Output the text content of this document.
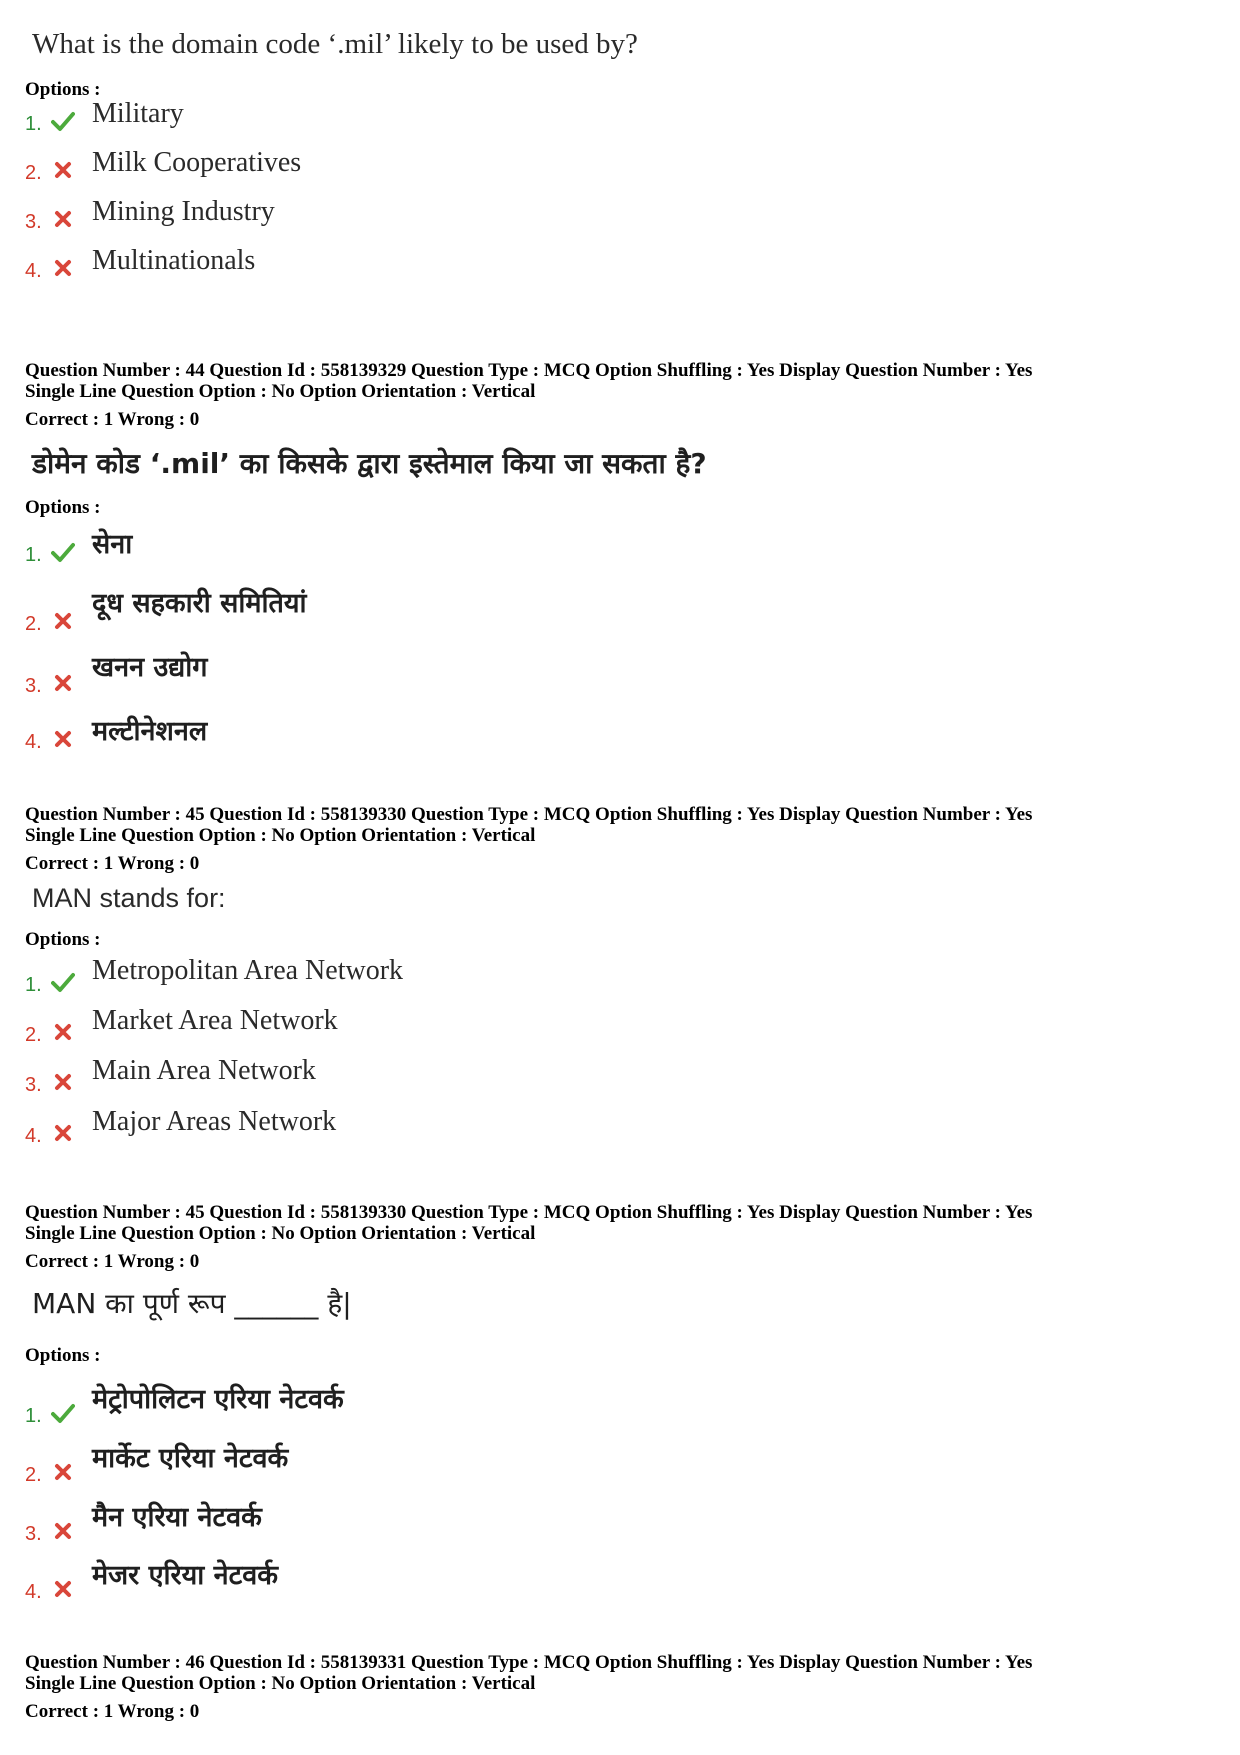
What is the domain code ‘.mil’ likely to be used by?
Options :
1. Military
2. Milk Cooperatives
3. Mining Industry
4. Multinationals
Question Number : 44 Question Id : 558139329 Question Type : MCQ Option Shuffling : Yes Display Question Number : Yes
Single Line Question Option : No Option Orientation : Vertical
Correct : 1 Wrong : 0
डोमेन कोड ‘.mil’ का किसके द्वारा इस्तेमाल किया जा सकता है?
Options :
1. सेना
2.
दूध सहकारी समितियां
3.
खनन उद्योग
4. मल्टीनेशनल
Question Number : 45 Question Id : 558139330 Question Type : MCQ Option Shuffling : Yes Display Question Number : Yes
Single Line Question Option : No Option Orientation : Vertical
Correct : 1 Wrong : 0
MAN stands for:
Options :
1. Metropolitan Area Network
2. Market Area Network
3. Main Area Network
4. Major Areas Network
Question Number : 45 Question Id : 558139330 Question Type : MCQ Option Shuffling : Yes Display Question Number : Yes
Single Line Question Option : No Option Orientation : Vertical
Correct : 1 Wrong : 0
MAN का पूर्ण रूप ______ है|
Options :
1.
मेट्रोपोलिटन एरिया नेटवर्क
2.
मार्केट एरिया नेटवर्क
3.
मैन एरिया नेटवर्क
4.
मेजर एरिया नेटवर्क
Question Number : 46 Question Id : 558139331 Question Type : MCQ Option Shuffling : Yes Display Question Number : Yes
Single Line Question Option : No Option Orientation : Vertical
Correct : 1 Wrong : 0
